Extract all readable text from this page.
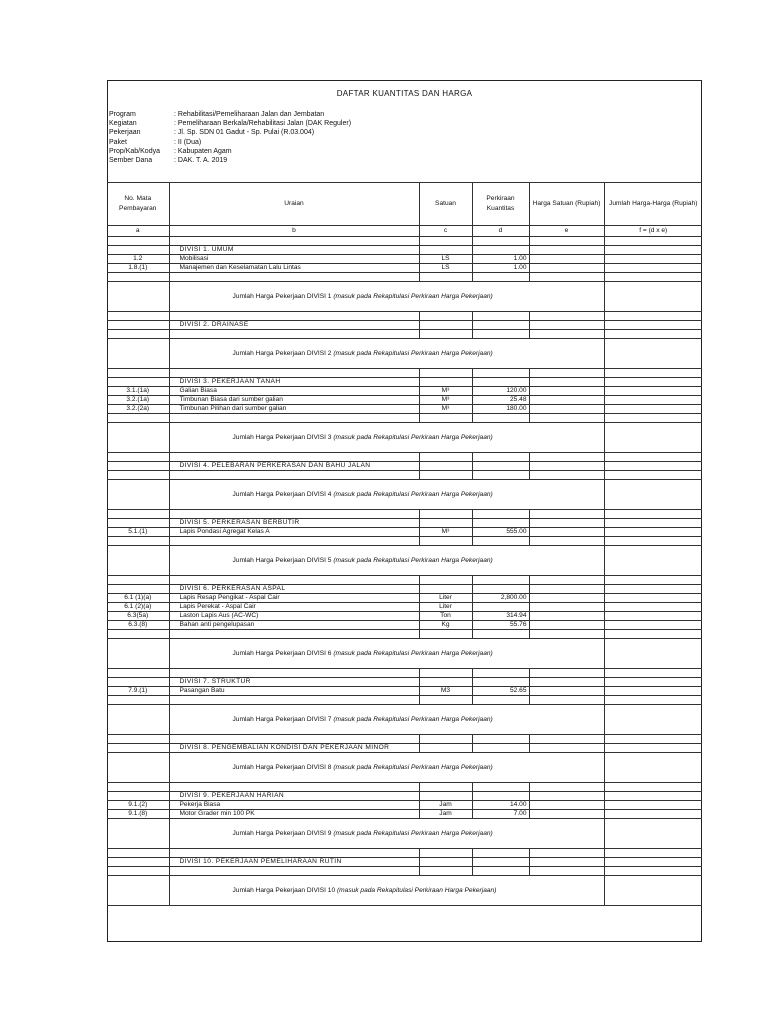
DAFTAR KUANTITAS DAN HARGA
Program	: Rehabilitasi/Pemeliharaan Jalan dan Jembatan
Kegiatan	: Pemeliharaan Berkala/Rehabilitasi Jalan (DAK Reguler)
Pekerjaan	: Jl. Sp. SDN 01 Gadut - Sp. Pulai (R.03.004)
Paket	: II (Dua)
Prop/Kab/Kodya	: Kabupaten Agam
Sember Dana	: DAK. T. A. 2019
No. Mata Pembayaran	Uraian	Satuan	Perkiraan Kuantitas	Harga Satuan (Rupiah)	Jumlah Harga-Harga (Rupiah)
a	b	c	d	e	f = (d x e)

	DIVISI 1. UMUM				
1.2	Mobilisasi	LS	1.00		
1.8.(1)	Manajemen dan Keselamatan Lalu Lintas	LS	1.00		

	Jumlah Harga Pekerjaan DIVISI 1 (masuk pada Rekapitulasi Perkiraan Harga Pekerjaan)				

	DIVISI 2. DRAINASE				

	Jumlah Harga Pekerjaan DIVISI 2 (masuk pada Rekapitulasi Perkiraan Harga Pekerjaan)				

	DIVISI 3. PEKERJAAN TANAH				
3.1.(1a)	Galian Biasa	M³	120.00		
3.2.(1a)	Timbunan Biasa dari sumber galian	M³	25.48		
3.2.(2a)	Timbunan Pilihan dari sumber galian	M³	180.00		

	Jumlah Harga Pekerjaan DIVISI 3 (masuk pada Rekapitulasi Perkiraan Harga Pekerjaan)				

	DIVISI 4. PELEBARAN PERKERASAN DAN BAHU JALAN				

	Jumlah Harga Pekerjaan DIVISI 4 (masuk pada Rekapitulasi Perkiraan Harga Pekerjaan)				

	DIVISI 5. PERKERASAN BERBUTIR				
5.1.(1)	Lapis Pondasi Agregat Kelas A	M³	555.00		

	Jumlah Harga Pekerjaan DIVISI 5 (masuk pada Rekapitulasi Perkiraan Harga Pekerjaan)				

	DIVISI 6. PERKERASAN ASPAL				
6.1 (1)(a)	Lapis Resap Pengikat - Aspal Cair	Liter	2,800.00		
6.1 (2)(a)	Lapis Perekat - Aspal Cair	Liter			
6.3(5a)	Laston Lapis Aus (AC-WC)	Ton	314.94		
6.3.(8)	Bahan anti pengelupasan	Kg	55.76		

	Jumlah Harga Pekerjaan DIVISI 6 (masuk pada Rekapitulasi Perkiraan Harga Pekerjaan)				

	DIVISI 7. STRUKTUR				
7.9.(1)	Pasangan Batu	M3	52.65		

	Jumlah Harga Pekerjaan DIVISI 7 (masuk pada Rekapitulasi Perkiraan Harga Pekerjaan)				

	DIVISI 8. PENGEMBALIAN KONDISI DAN PEKERJAAN MINOR				
	Jumlah Harga Pekerjaan DIVISI 8 (masuk pada Rekapitulasi Perkiraan Harga Pekerjaan)				

	DIVISI 9. PEKERJAAN HARIAN				
9.1.(2)	Pekerja Biasa	Jam	14.00		
9.1.(8)	Motor Grader min 100 PK	Jam	7.00		
	Jumlah Harga Pekerjaan DIVISI 9 (masuk pada Rekapitulasi Perkiraan Harga Pekerjaan)				

	DIVISI 10. PEKERJAAN PEMELIHARAAN RUTIN				

	Jumlah Harga Pekerjaan DIVISI 10 (masuk pada Rekapitulasi Perkiraan Harga Pekerjaan)				
